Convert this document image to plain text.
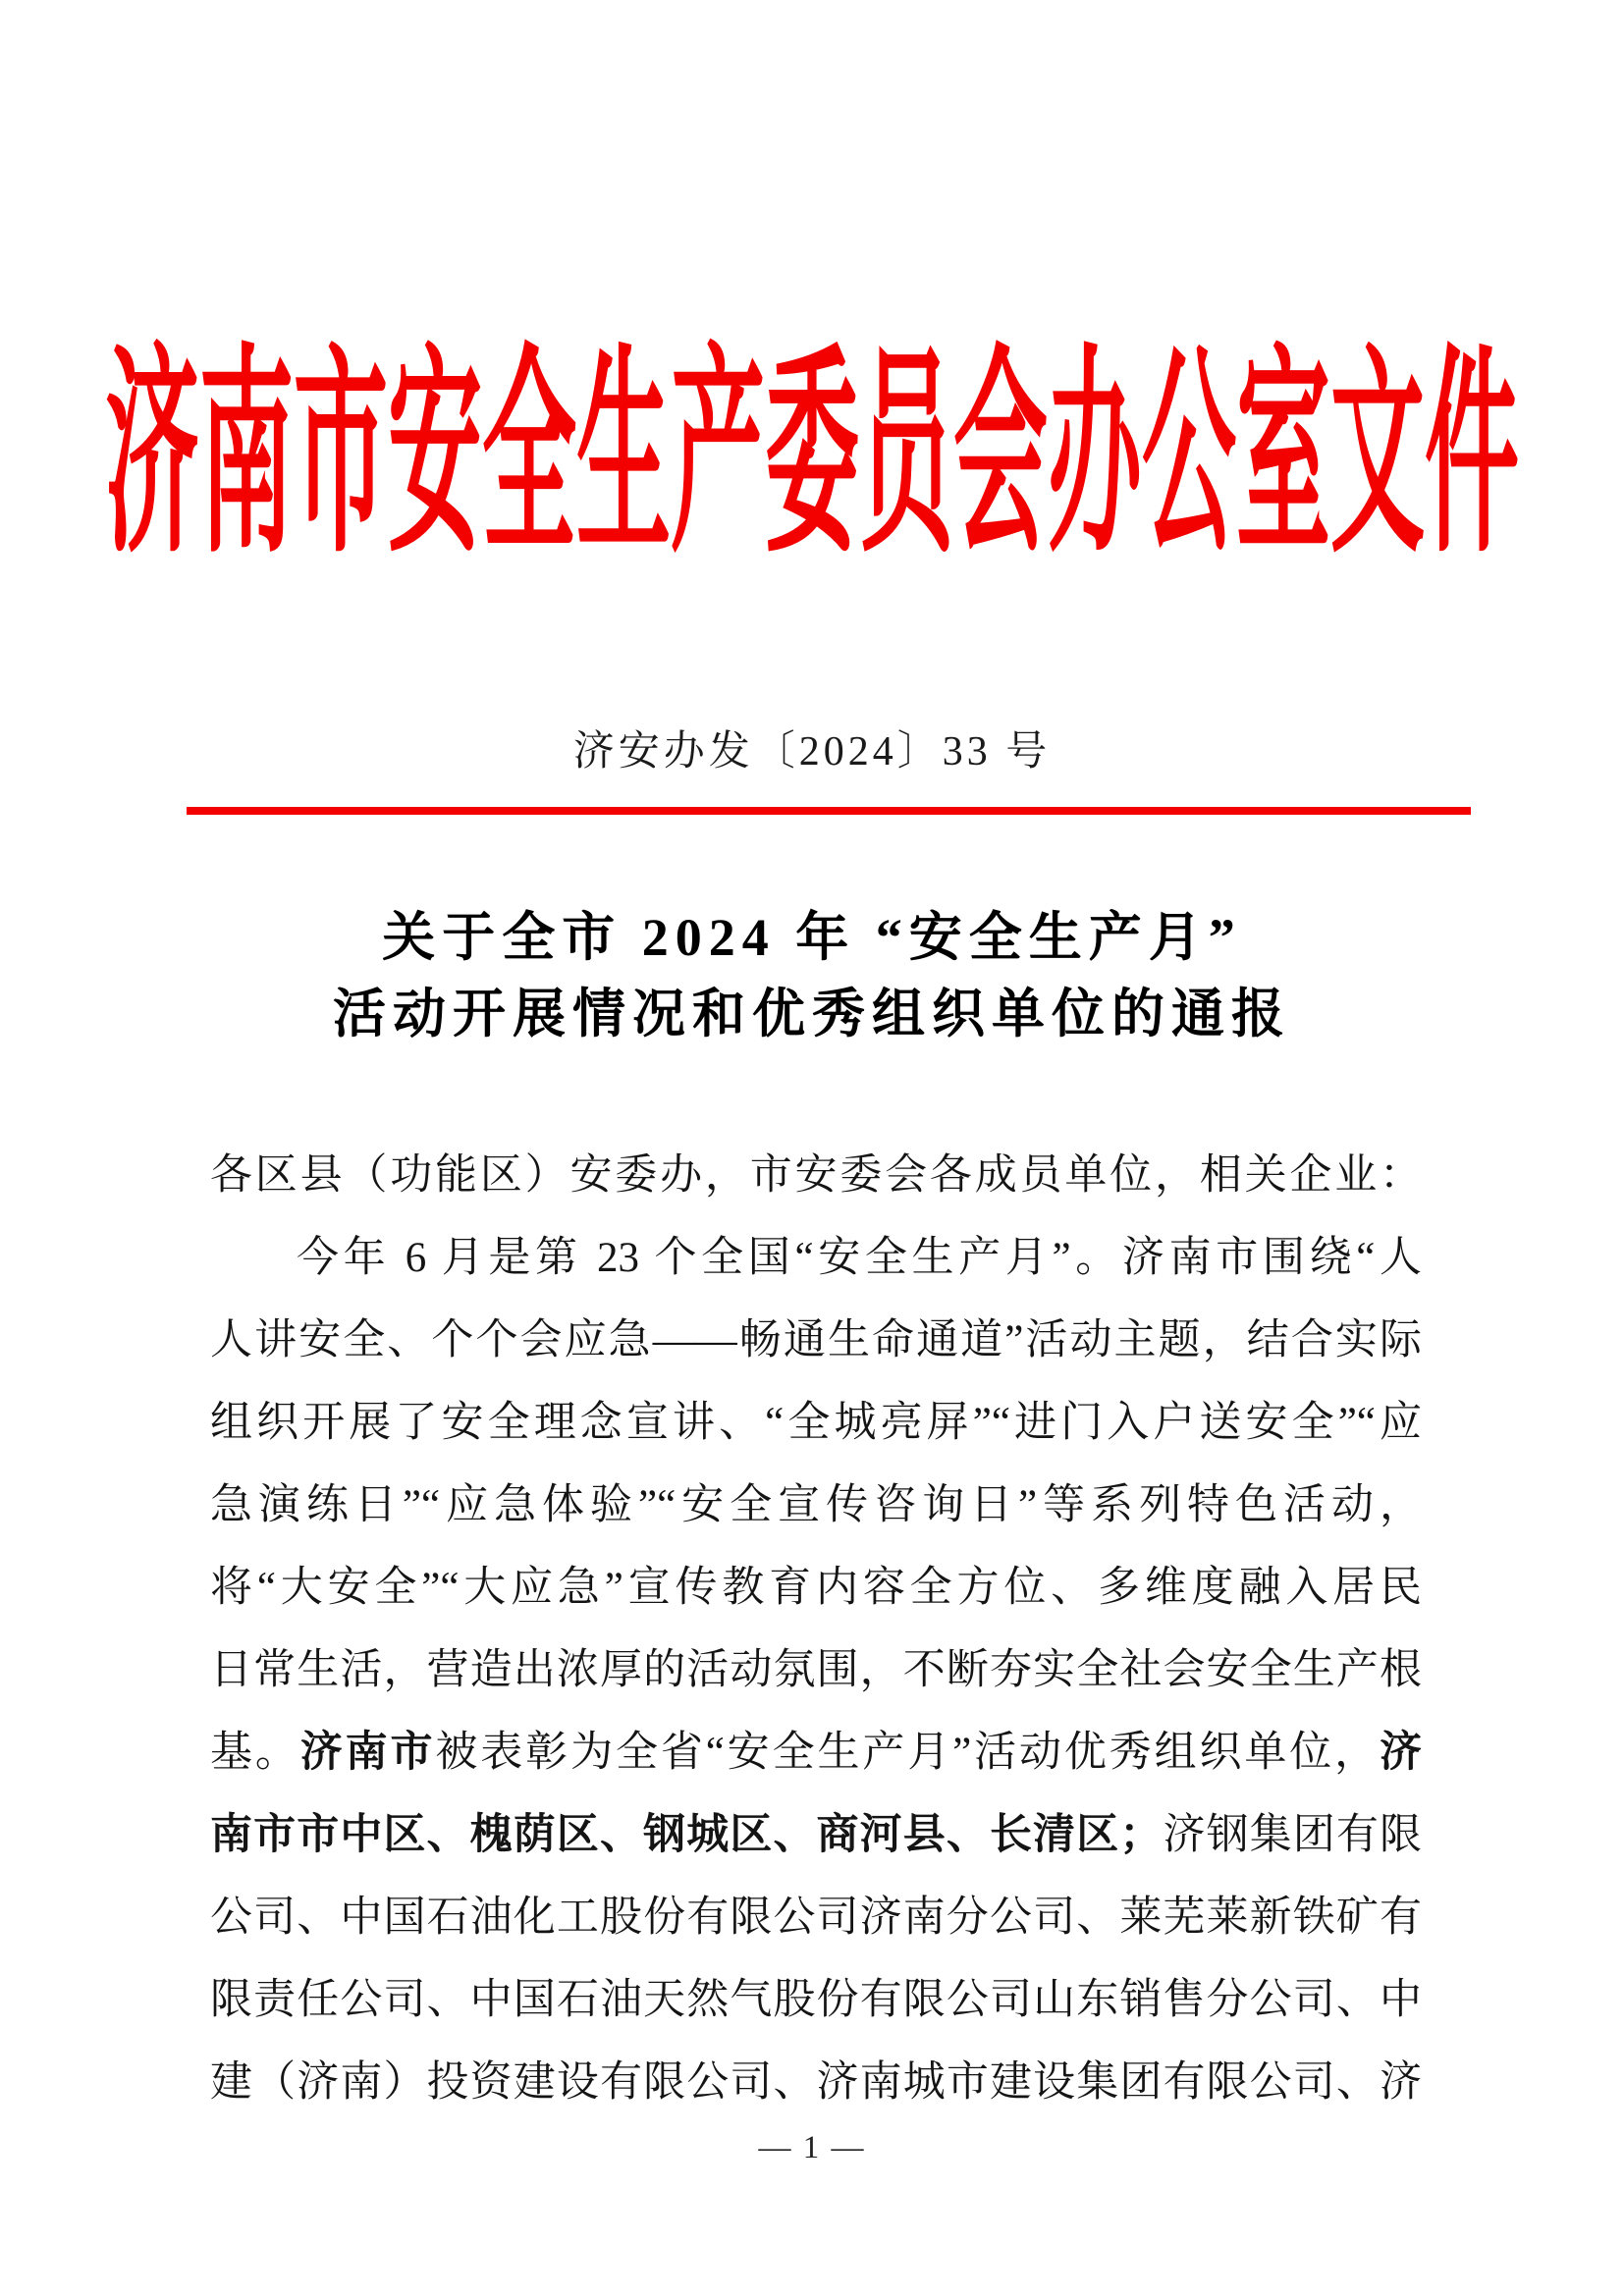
济南市安全生产委员会办公室文件
济安办发〔2024〕33 号
关于全市 2024 年 “安全生产月”
活动开展情况和优秀组织单位的通报
各区县（功能区）安委办，市安委会各成员单位，相关企业：
今年 6 月是第 23 个全国“安全生产月”。济南市围绕“人
人讲安全、个个会应急——畅通生命通道”活动主题，结合实际
组织开展了安全理念宣讲、“全城亮屏”“进门入户送安全”“应
急演练日”“应急体验”“安全宣传咨询日”等系列特色活动，
将“大安全”“大应急”宣传教育内容全方位、多维度融入居民
日常生活，营造出浓厚的活动氛围，不断夯实全社会安全生产根
基。济南市被表彰为全省“安全生产月”活动优秀组织单位，济
南市市中区、槐荫区、钢城区、商河县、长清区；济钢集团有限
公司、中国石油化工股份有限公司济南分公司、莱芜莱新铁矿有
限责任公司、中国石油天然气股份有限公司山东销售分公司、中
建（济南）投资建设有限公司、济南城市建设集团有限公司、济
— 1 —
